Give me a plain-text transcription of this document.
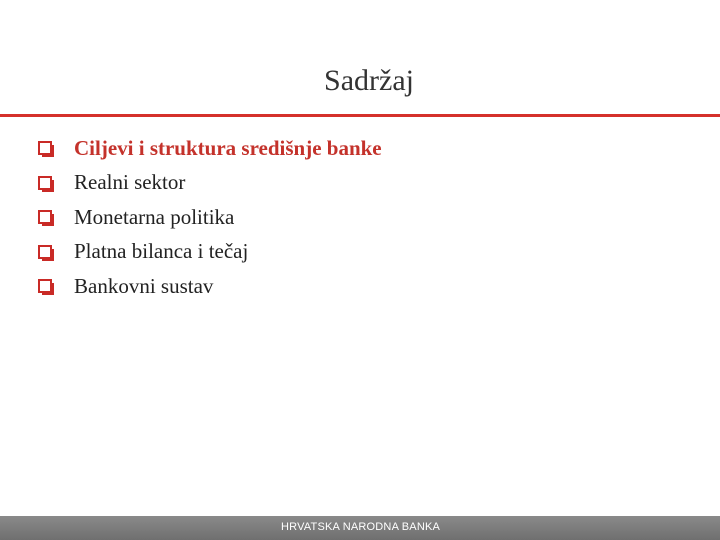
Sadržaj
Ciljevi i struktura središnje banke
Realni sektor
Monetarna politika
Platna bilanca i tečaj
Bankovni sustav
HRVATSKA NARODNA BANKA
